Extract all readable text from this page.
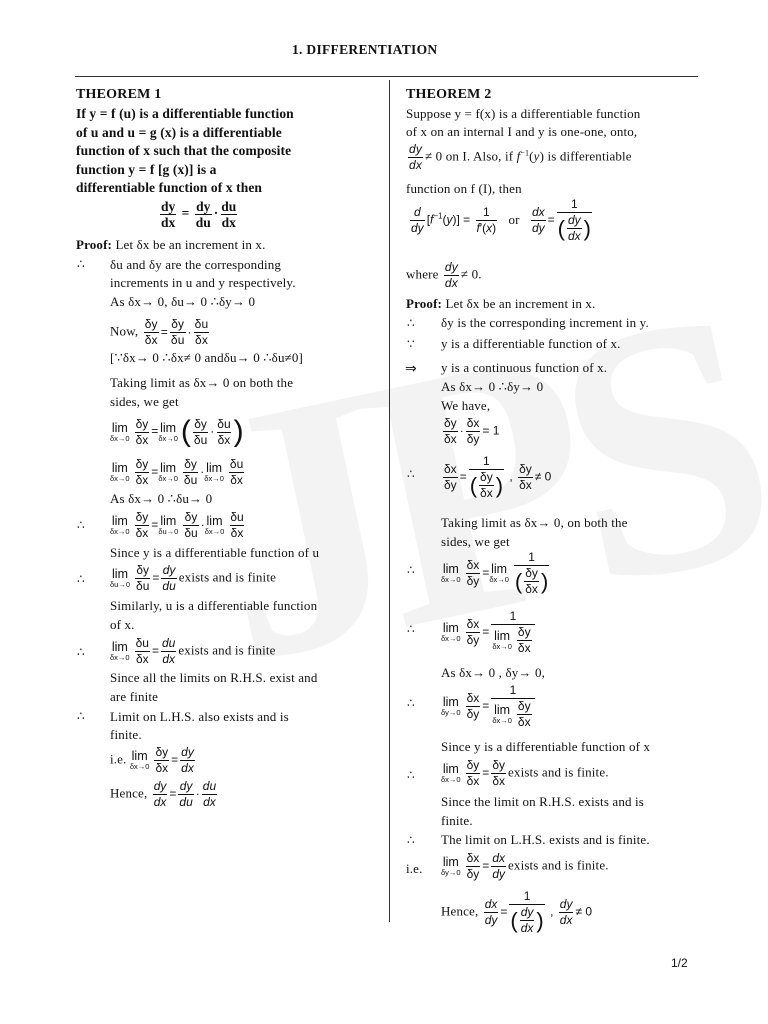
1. DIFFERENTIATION
THEOREM 1
If y = f (u) is a differentiable function
of u and u = g (x) is a differentiable
function of x such that the composite
function y = f [g (x)] is a
differentiable function of x then
$\frac{dy}{dx} = \frac{dy}{du} \cdot \frac{du}{dx}$
Proof: Let δx be an increment in x.
∴ δu and δy are the corresponding
increments in u and y respectively.
As δx→ 0, δu→ 0 ∴δy→ 0
Now, $\frac{\delta y}{\delta x} = \frac{\delta y}{\delta u} \cdot \frac{\delta u}{\delta x}$
[∵δx→ 0 ∴δx≠ 0 andδu→ 0 ∴δu≠0]
Taking limit as δx→ 0 on both the
sides, we get
lim
$\delta x\to 0 \frac{\delta y}{\delta x} = \lim$
δx→0 ( $\frac{\delta y}{\delta u} \cdot \frac{\delta u}{\delta x}$ )
lim
$\delta x\to 0 \frac{\delta y}{\delta x} = \lim$
$\delta x\to 0 \frac{\delta y}{\delta u} \cdot \lim$
$\delta x\to 0 \frac{\delta u}{\delta x}$
As δx→ 0 ∴δu→ 0
∴ lim
$\delta x\to 0 \frac{\delta y}{\delta x} = \lim$
$\delta u\to 0 \frac{\delta y}{\delta u} \cdot \lim$
$\delta x\to 0 \frac{\delta u}{\delta x}$
Since y is a differentiable function of u
∴ lim
$\delta u\to 0 \frac{\delta y}{\delta u} = \frac{dy}{du}$ exists and is finite
Similarly, u is a differentiable function
of x.
∴ lim
$\delta x\to 0 \frac{\delta u}{\delta x} = \frac{du}{dx}$ exists and is finite
Since all the limits on R.H.S. exist and
are finite
∴ Limit on L.H.S. also exists and is
finite.
i.e. lim
$\delta x\to 0 \frac{\delta y}{\delta x} = \frac{dy}{dx}$
Hence, $\frac{dy}{dx} = \frac{dy}{du} \cdot \frac{du}{dx}$
THEOREM 2
Suppose y = f(x) is a differentiable function
of x on an internal I and y is one-one, onto,
$\frac{dy}{dx} \ne 0$ on I. Also, if $f^{-1}(y)$ is differentiable
function on f (I), then
$\frac{d}{dy} [f^{-1}(y)] = \frac{1}{f'(x)}$ or $\frac{dx}{dy}$ =
1
( $\frac{dy}{dx}$ )
where $\frac{dy}{dx} \ne 0$.
Proof: Let δx be an increment in x.
∴ δy is the corresponding increment in y.
∵ y is a differentiable function of x.
⇒ y is a continuous function of x.
As δx→ 0 ∴δy→ 0
We have,
$\frac{\delta y}{\delta x} \cdot \frac{\delta x}{\delta y} = 1$
∴ $\frac{\delta x}{\delta y}$ =
1
( $\frac{\delta y}{\delta x}$ ) , $\frac{\delta y}{\delta x} \ne 0$
Taking limit as δx→ 0, on both the
sides, we get
∴ lim
$\delta x\to 0 \frac{\delta x}{\delta y} = \lim$
δx→0
1
( $\frac{\delta y}{\delta x}$ )
∴ lim
$\delta x\to 0 \frac{\delta x}{\delta y}$ =
1
lim
$\delta x\to 0 \frac{\delta y}{\delta x}$
As δx→ 0 , δy→ 0,
∴ lim
$\delta y\to 0 \frac{\delta x}{\delta y}$ =
1
lim
$\delta x\to 0 \frac{\delta y}{\delta x}$
Since y is a differentiable function of x
∴ lim
$\delta x\to 0 \frac{\delta y}{\delta x} = \frac{\delta y}{\delta x}$ exists and is finite.
Since the limit on R.H.S. exists and is
finite.
∴ The limit on L.H.S. exists and is finite.
i.e. lim
$\delta y\to 0 \frac{\delta x}{\delta y} = \frac{dx}{dy}$ exists and is finite.
Hence, $\frac{dx}{dy}$ =
1
( $\frac{dy}{dx}$ ) , $\frac{dy}{dx} \ne 0$
1/2
